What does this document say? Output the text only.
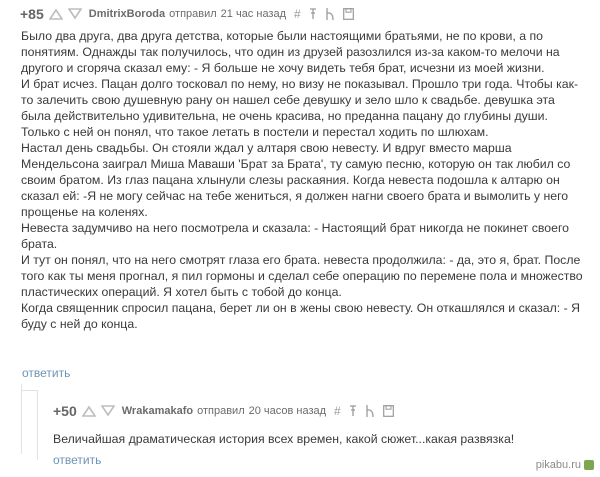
+85	DmitrixBoroda отправил 21 час назад #

Было два друга, два друга детства, которые были настоящими братьями, не по крови, а по понятиям. Однажды так получилось, что один из друзей разозлился из-за каком-то мелочи на другого и сгоряча сказал ему: - Я больше не хочу видеть тебя брат, исчезни из моей жизни.

И брат исчез. Пацан долго тосковал по нему, но визу не показывал. Прошло три года. Чтобы как-то залечить свою душевную рану он нашел себе девушку и зело шло к свадьбе. девушка эта была действительно удивительна, не очень красива, но преданна пацану до глубины души. Только с ней он понял, что такое летать в постели и перестал ходить по шлюхам.

Настал день свадьбы. Он стояли ждал у алтаря свою невесту. И вдруг вместо марша Мендельсона заиграл Миша Маваши 'Брат за Брата', ту самую песню, которую он так любил со своим братом. Из глаз пацана хлынули слезы раскаяния. Когда невеста подошла к алтарю он сказал ей: -Я не могу сейчас на тебе жениться, я должен нагни своего брата и вымолить у него прощенье на коленях.

Невеста задумчиво на него посмотрела и сказала: - Настоящий брат никогда не покинет своего брата.

И тут он понял, что на него смотрят глаза его брата. невеста продолжила: - да, это я, брат. После того как ты меня прогнал, я пил гормоны и сделал себе операцию по перемене пола и множество пластических операций. Я хотел быть с тобой до конца.

Когда священник спросил пацана, берет ли он в жены свою невесту. Он откашлялся и сказал: - Я буду с ней до конца.

ответить
+50	Wrakamakafo отправил 20 часов назад #
Величайшая драматическая история всех времен, какой сюжет...какая развязка!
ответить	pikabu.ru
